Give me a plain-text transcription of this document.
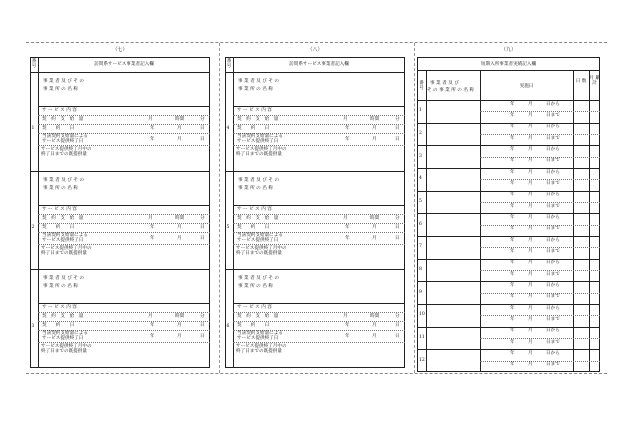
（七）
番号	訪問系サービス事業者記入欄
1
事 業 者 及 び そ の
事 業 所 の 名 称
サ ー ビ ス 内 容
契　約　支　給　量	月	時間	分
契　　約　　日	年	月	日
当該契約支給量による
サービス提供終了日	年	月	日
サービス提供終了月中の
終了日までの既提供量
2
事 業 者 及 び そ の
事 業 所 の 名 称
サ ー ビ ス 内 容
契　約　支　給　量	月	時間	分
契　　約　　日	年	月	日
当該契約支給量による
サービス提供終了日	年	月	日
サービス提供終了月中の
終了日までの既提供量
3
事 業 者 及 び そ の
事 業 所 の 名 称
サ ー ビ ス 内 容
契　約　支　給　量	月	時間	分
契　　約　　日	年	月	日
当該契約支給量による
サービス提供終了日	年	月	日
サービス提供終了月中の
終了日までの既提供量
（八）
番号	訪問系サービス事業者記入欄
4
事 業 者 及 び そ の
事 業 所 の 名 称
サ ー ビ ス 内 容
契　約　支　給　量	月	時間	分
契　　約　　日	年	月	日
当該契約支給量による
サービス提供終了日	年	月	日
サービス提供終了月中の
終了日までの既提供量
5
事 業 者 及 び そ の
事 業 所 の 名 称
サ ー ビ ス 内 容
契　約　支　給　量	月	時間	分
契　　約　　日	年	月	日
当該契約支給量による
サービス提供終了日	年	月	日
サービス提供終了月中の
終了日までの既提供量
6
事 業 者 及 び そ の
事 業 所 の 名 称
サ ー ビ ス 内 容
契　約　支　給　量	月	時間	分
契　　約　　日	年	月	日
当該契約支給量による
サービス提供終了日	年	月	日
サービス提供終了月中の
終了日までの既提供量
（九）
短期入所事業者実績記入欄
番号
事 業 者 及 び
そ の 事 業 所 の 名 称
実施日
日 数
月 累 計
1
年	月	日から
年	月	日まで
2
年	月	日から
年	月	日まで
3
年	月	日から
年	月	日まで
4
年	月	日から
年	月	日まで
5
年	月	日から
年	月	日まで
6
年	月	日から
年	月	日まで
7
年	月	日から
年	月	日まで
8
年	月	日から
年	月	日まで
9
年	月	日から
年	月	日まで
10
年	月	日から
年	月	日まで
11
年	月	日から
年	月	日まで
12
年	月	日から
年	月	日まで
